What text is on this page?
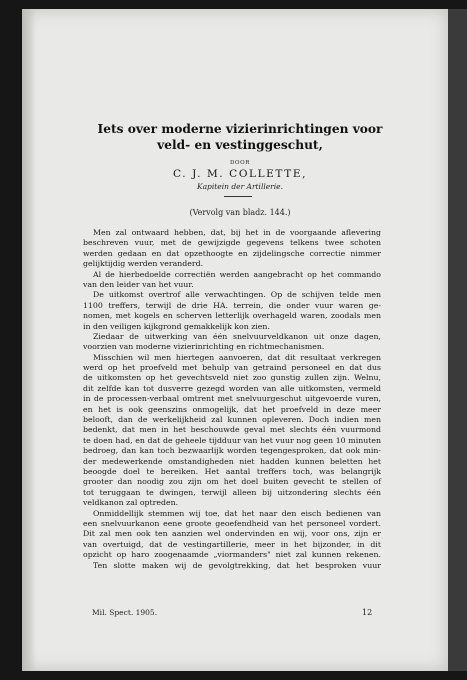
Iets over moderne vizierinrichtingen voor
veld- en vestinggeschut,
DOOR
C. J. M. COLLETTE,
Kapitein der Artillerie.
(Vervolg van bladz. 144.)
Men zal ontwaard hebben, dat, bij het in de voorgaande aflevering
beschreven vuur, met de gewijzigde gegevens telkens twee schoten
werden gedaan en dat opzethoogte en zijdelingsche correctie nimmer
gelijktijdig werden veranderd.
Al de hierbedoelde correctiën werden aangebracht op het commando
van den leider van het vuur.
De uitkomst overtrof alle verwachtingen. Op de schijven telde men
1100 treffers, terwijl de drie HA. terrein, die onder vuur waren ge-
nomen, met kogels en scherven letterlijk overhageld waren, zoodals men
in den veiligen kijkgrond gemakkelijk kon zien.
Ziedaar de uitwerking van één snelvuurveldkanon uit onze dagen,
voorzien van moderne vizierinrichting en richtmechanismen.
Misschien wil men hiertegen aanvoeren, dat dit resultaat verkregen
werd op het proefveld met behulp van getraind personeel en dat dus
de uitkomsten op het gevechtsveld niet zoo gunstig zullen zijn. Welnu,
dit zelfde kan tot dusverre gezegd worden van alle uitkomsten, vermeld
in de processen-verbaal omtrent met snelvuurgeschut uitgevoerde vuren,
en het is ook geenszins onmogelijk, dat het proefveld in deze meer
belooft, dan de werkelijkheid zal kunnen opleveren. Doch indien men
bedenkt, dat men in het beschouwde geval met slechts één vuurmond
te doen had, en dat de geheele tijdduur van het vuur nog geen 10 minuten
bedroeg, dan kan toch bezwaarlijk worden tegengesproken, dat ook min-
der medewerkende omstandigheden niet hadden kunnen beletten het
beoogde doel te bereiken. Het aantal treffers toch, was belangrijk
grooter dan noodig zou zijn om het doel buiten gevecht te stellen of
tot teruggaan te dwingen, terwijl alleen bij uitzondering slechts één
veldkanon zal optreden.
Onmiddellijk stemmen wij toe, dat het naar den eisch bedienen van
een snelvuurkanon eene groote geoefendheid van het personeel vordert.
Dit zal men ook ten aanzien wel ondervinden en wij, voor ons, zijn er
van overtuigd, dat de vestingartillerie, meer in het bijzonder, in dit
opzicht op haro zoogenaamde „viormanders" niet zal kunnen rekenen.
Ten slotte maken wij de gevolgtrekking, dat het besproken vuur
Mil. Spect. 1905.	12
